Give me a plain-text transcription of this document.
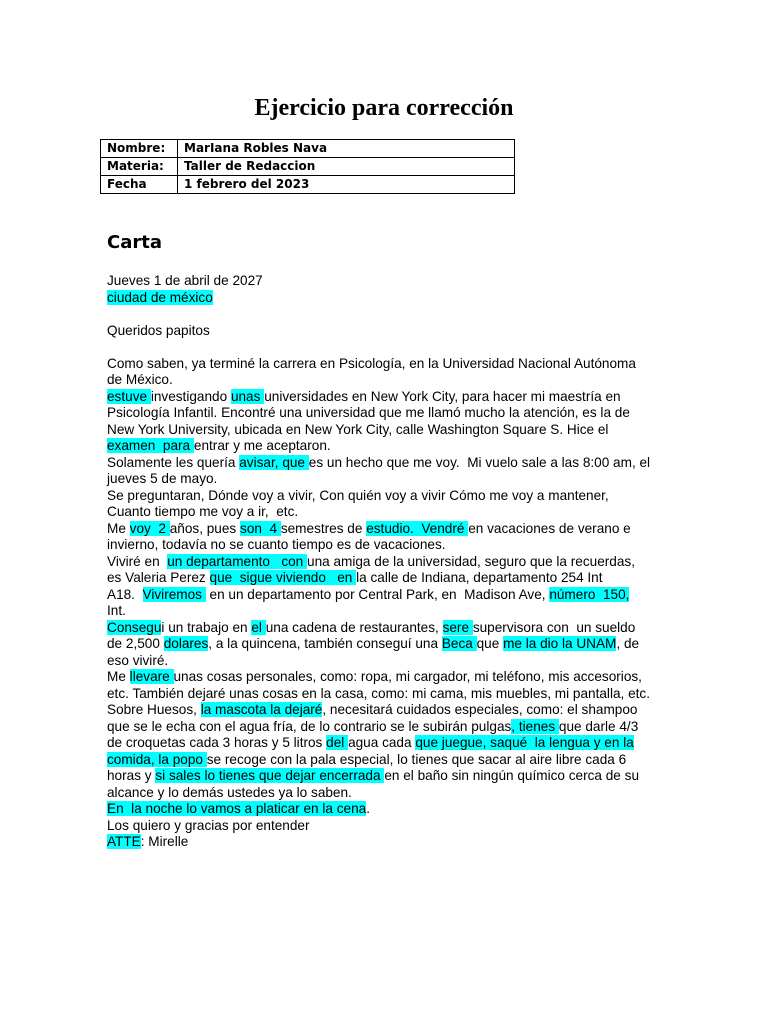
Ejercicio para corrección
Nombre:	MarIana Robles Nava
Materia:	Taller de Redaccion
Fecha	1 febrero del 2023
Carta
Jueves 1 de abril de 2027
ciudad de méxico
Queridos papitos
Como saben, ya terminé la carrera en Psicología, en la Universidad Nacional Autónoma
de México.
estuve investigando unas universidades en New York City, para hacer mi maestría en
Psicología Infantil. Encontré una universidad que me llamó mucho la atención, es la de
New York University, ubicada en New York City, calle Washington Square S. Hice el
examen  para entrar y me aceptaron.
Solamente les quería avisar, que es un hecho que me voy.  Mi vuelo sale a las 8:00 am, el
jueves 5 de mayo.
Se preguntaran, Dónde voy a vivir, Con quién voy a vivir Cómo me voy a mantener,
Cuanto tiempo me voy a ir,  etc.
Me voy  2 años, pues son  4 semestres de estudio.  Vendré en vacaciones de verano e
invierno, todavía no se cuanto tiempo es de vacaciones.
Viviré en  un departamento   con una amiga de la universidad, seguro que la recuerdas,
es Valeria Perez que  sigue viviendo   en la calle de Indiana, departamento 254 Int
A18.  Viviremos  en un departamento por Central Park, en  Madison Ave, número  150,
Int.
Consegui un trabajo en el una cadena de restaurantes, sere supervisora con  un sueldo
de 2,500 dolares, a la quincena, también conseguí una Beca que me la dio la UNAM, de
eso viviré.
Me llevare unas cosas personales, como: ropa, mi cargador, mi teléfono, mis accesorios,
etc. También dejaré unas cosas en la casa, como: mi cama, mis muebles, mi pantalla, etc.
Sobre Huesos, la mascota la dejaré, necesitará cuidados especiales, como: el shampoo
que se le echa con el agua fría, de lo contrario se le subirán pulgas, tienes que darle 4/3
de croquetas cada 3 horas y 5 litros del agua cada que juegue, saqué  la lengua y en la
comida, la popo se recoge con la pala especial, lo tienes que sacar al aire libre cada 6
horas y si sales lo tienes que dejar encerrada en el baño sin ningún químico cerca de su
alcance y lo demás ustedes ya lo saben.
En  la noche lo vamos a platicar en la cena.
Los quiero y gracias por entender
ATTE: Mirelle
